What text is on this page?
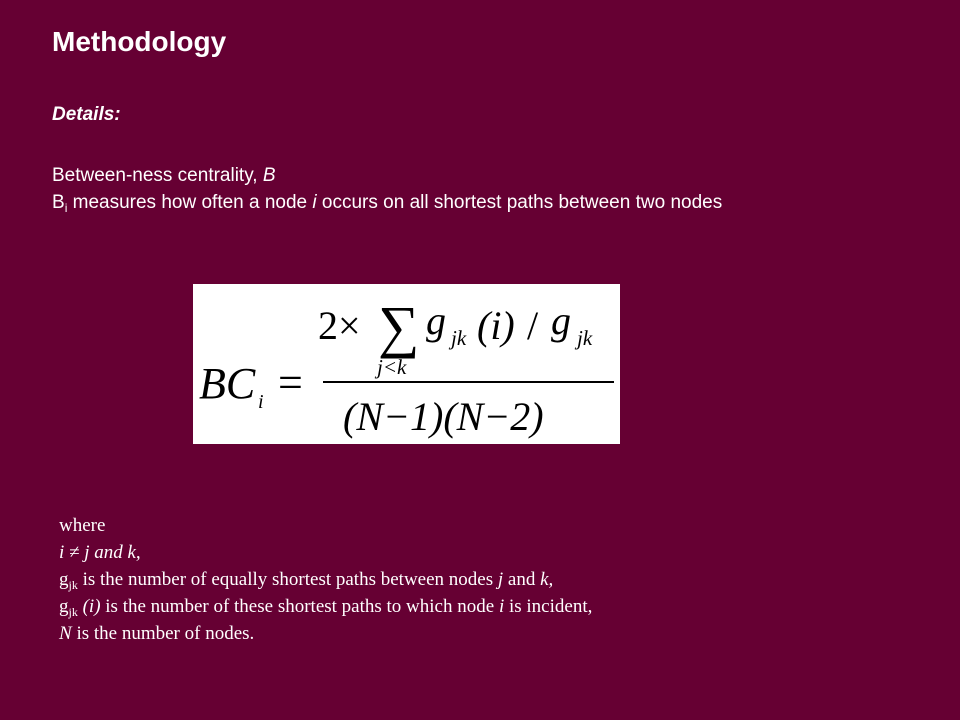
Methodology
Details:
Between-ness centrality, B
$B_i$ measures how often a node i occurs on all shortest paths between two nodes
BC i =
2× ∑
j<k
g jk (i) / g jk
(N−1)(N−2)
where
i ≠ j and k,
$g_{jk}$ is the number of equally shortest paths between nodes j and k,
$g_{jk}$ (i) is the number of these shortest paths to which node i is incident,
N is the number of nodes.
